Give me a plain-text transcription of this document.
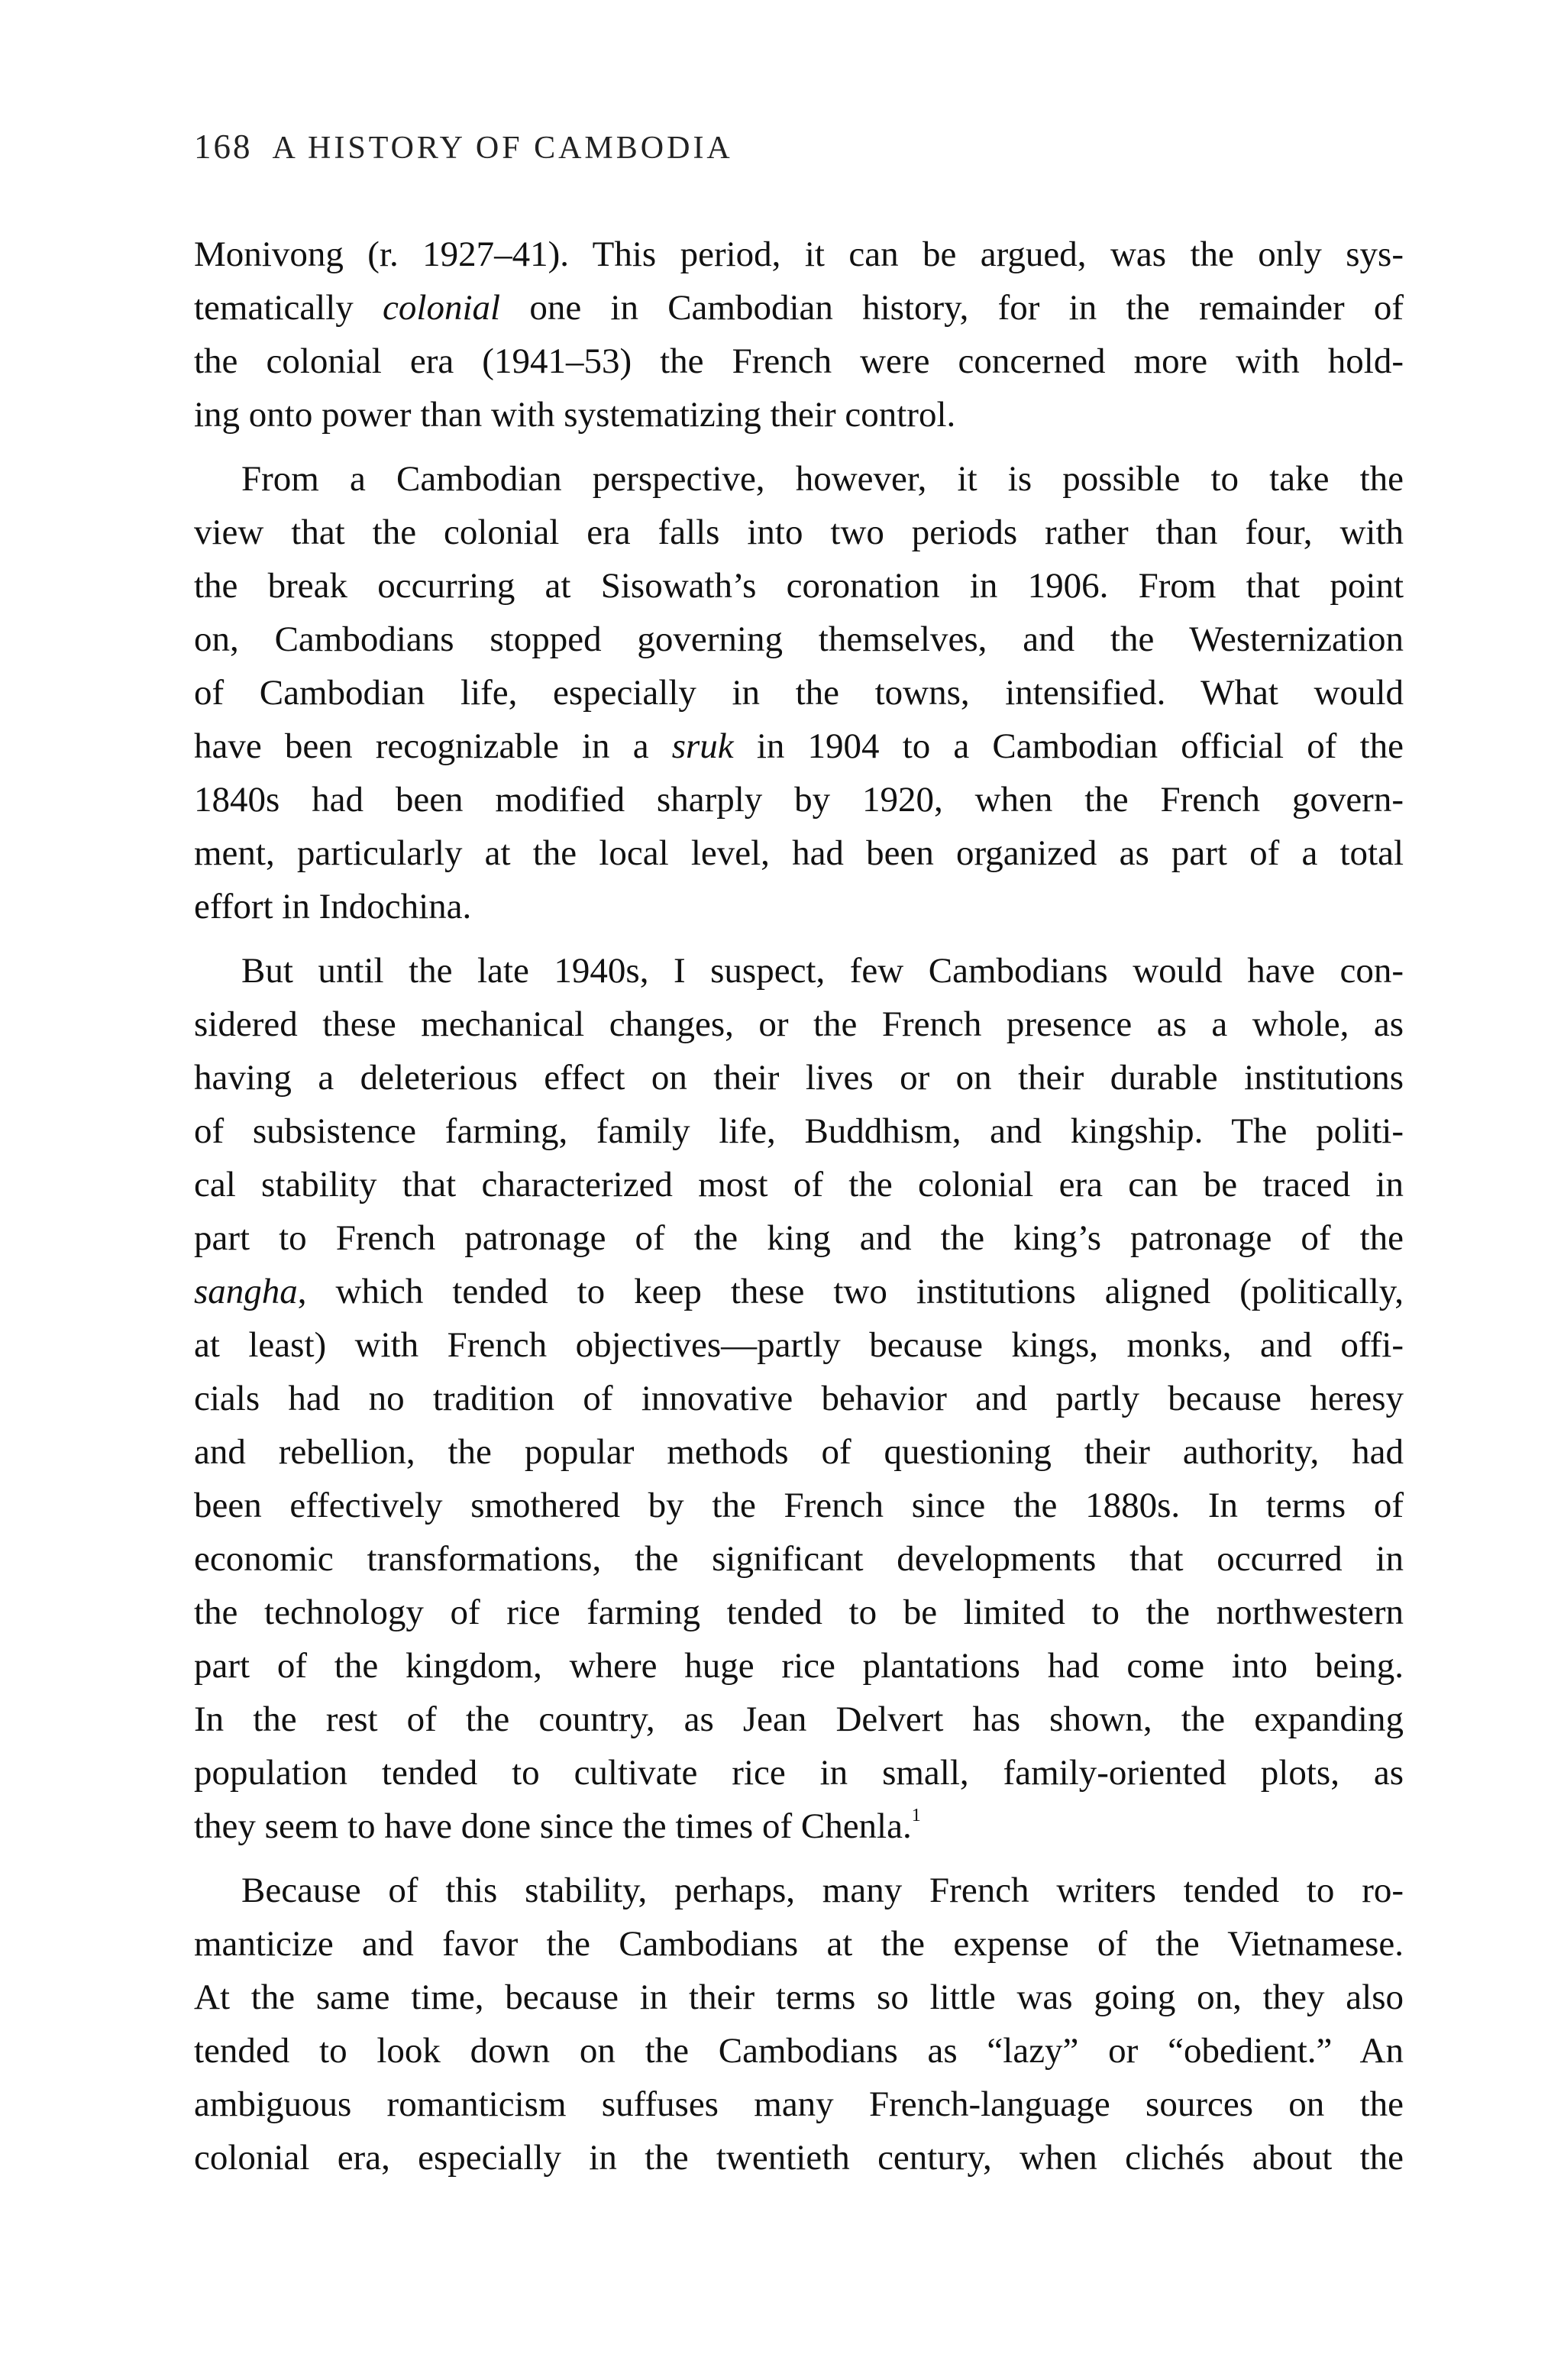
168 A HISTORY OF CAMBODIA

Monivong (r. 1927–41). This period, it can be argued, was the only sys-
tematically colonial one in Cambodian history, for in the remainder of
the colonial era (1941–53) the French were concerned more with hold-
ing onto power than with systematizing their control.

From a Cambodian perspective, however, it is possible to take the
view that the colonial era falls into two periods rather than four, with
the break occurring at Sisowath’s coronation in 1906. From that point
on, Cambodians stopped governing themselves, and the Westernization
of Cambodian life, especially in the towns, intensified. What would
have been recognizable in a sruk in 1904 to a Cambodian official of the
1840s had been modified sharply by 1920, when the French govern-
ment, particularly at the local level, had been organized as part of a total
effort in Indochina.

But until the late 1940s, I suspect, few Cambodians would have con-
sidered these mechanical changes, or the French presence as a whole, as
having a deleterious effect on their lives or on their durable institutions
of subsistence farming, family life, Buddhism, and kingship. The politi-
cal stability that characterized most of the colonial era can be traced in
part to French patronage of the king and the king’s patronage of the
sangha, which tended to keep these two institutions aligned (politically,
at least) with French objectives—partly because kings, monks, and offi-
cials had no tradition of innovative behavior and partly because heresy
and rebellion, the popular methods of questioning their authority, had
been effectively smothered by the French since the 1880s. In terms of
economic transformations, the significant developments that occurred in
the technology of rice farming tended to be limited to the northwestern
part of the kingdom, where huge rice plantations had come into being.
In the rest of the country, as Jean Delvert has shown, the expanding
population tended to cultivate rice in small, family-oriented plots, as
they seem to have done since the times of Chenla.$^1$

Because of this stability, perhaps, many French writers tended to ro-
manticize and favor the Cambodians at the expense of the Vietnamese.
At the same time, because in their terms so little was going on, they also
tended to look down on the Cambodians as “lazy” or “obedient.” An
ambiguous romanticism suffuses many French-language sources on the
colonial era, especially in the twentieth century, when clichés about the
